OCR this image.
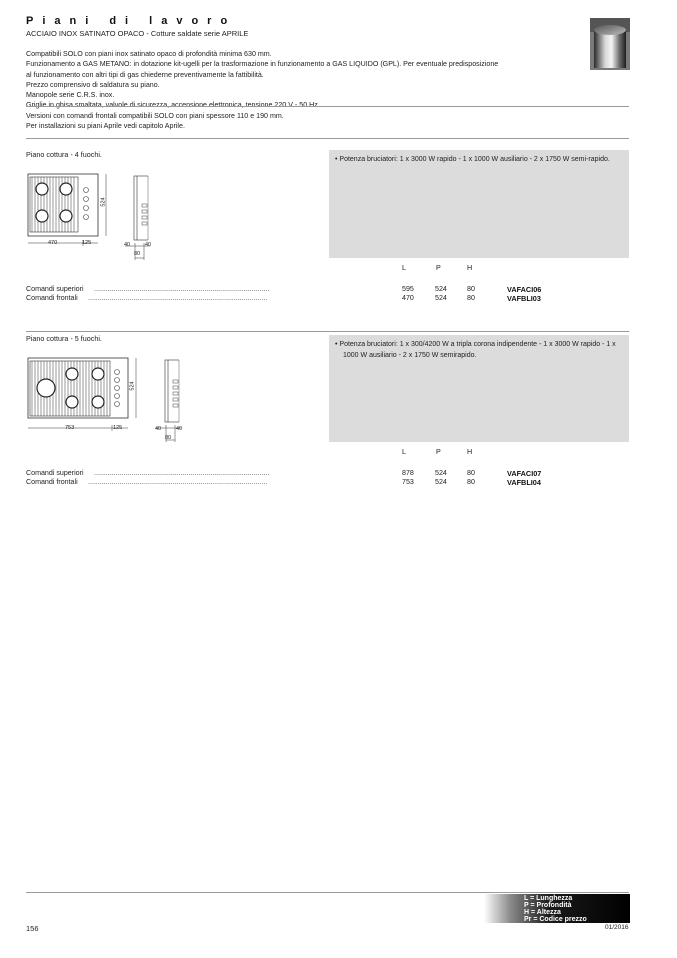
Piani di lavoro
ACCIAIO INOX SATINATO OPACO - Cotture saldate serie APRILE
Compatibili SOLO con piani inox satinato opaco di profondità minima 630 mm.
Funzionamento a GAS METANO: in dotazione kit-ugelli per la trasformazione in funzionamento a GAS LIQUIDO (GPL). Per eventuale predisposizione
al funzionamento con altri tipi di gas chiederne preventivamente la fattibilità.
Prezzo comprensivo di saldatura su piano.
Manopole serie C.R.S. inox.
Versioni con comandi frontali compatibili SOLO con piani spessore 110 e 190 mm.
Per installazioni su piani Aprile vedi capitolo Aprile.
Piano cottura - 4 fuochi.
524
470	125	40	40
80
• Potenza bruciatori: 1 x 3000 W rapido - 1 x 1000 W ausiliario - 2 x 1750 W semi-rapido.
L	P	H
Comandi superiori .........................................................................................	595	524	80	VAFACI06
Comandi frontali ...........................................................................................	470	524	80	VAFBLI03
Piano cottura - 5 fuochi.
524
753	125	40	40
80
• Potenza bruciatori: 1 x 300/4200 W a tripla corona indipendente - 1 x 3000 W rapido - 1 x 1000 W ausiliario - 2 x 1750 W semirapido.
L	P	H
Comandi superiori .........................................................................................	878	524	80	VAFACI07
Comandi frontali ...........................................................................................	753	524	80	VAFBLI04
L = Lunghezza
P = Profondità
H = Altezza
Pr = Codice prezzo
156	01/2016
